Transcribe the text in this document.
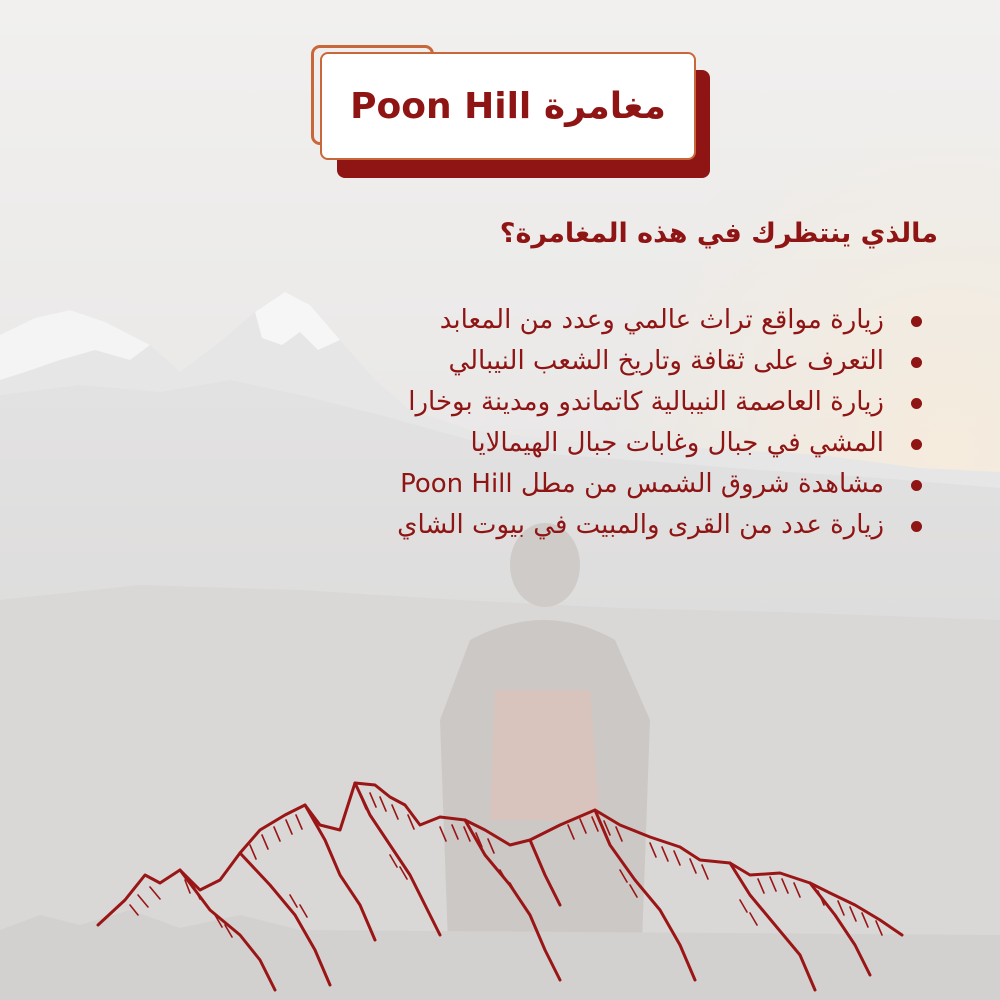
مغامرة Poon Hill
مالذي ينتظرك في هذه المغامرة؟
زيارة مواقع تراث عالمي وعدد من المعابد
التعرف على ثقافة وتاريخ الشعب النيبالي
زيارة العاصمة النيبالية كاتماندو ومدينة بوخارا
المشي في جبال وغابات جبال الهيمالايا
مشاهدة شروق الشمس من مطل Poon Hill
زيارة عدد من القرى والمبيت في بيوت الشاي
